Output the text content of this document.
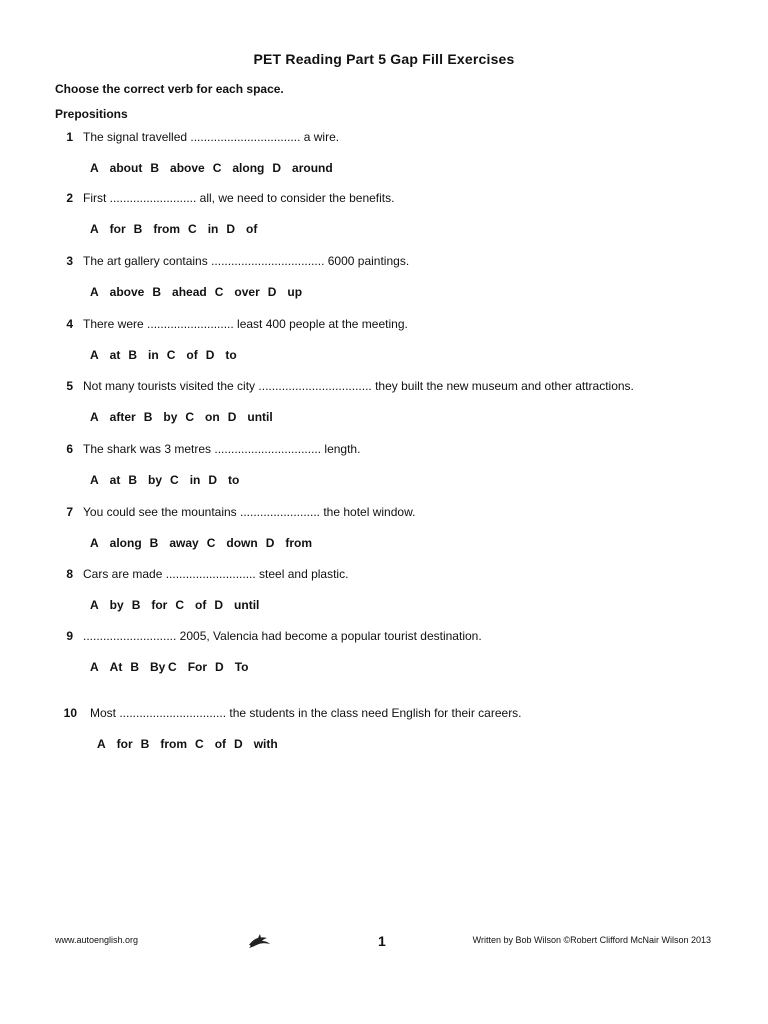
PET Reading Part 5 Gap Fill Exercises
Choose the correct verb for each space.
Prepositions
1 The signal travelled ................................. a wire.
A about B above C along D around
2 First .......................... all, we need to consider the benefits.
A for B from C in D of
3 The art gallery contains .................................. 6000 paintings.
A above B ahead C over D up
4 There were .......................... least 400 people at the meeting.
A at B in C of D to
5 Not many tourists visited the city .................................. they built the new museum and other attractions.
A after B by C on D until
6 The shark was 3 metres ................................ length.
A at B by C in D to
7 You could see the mountains ........................ the hotel window.
A along B away C down D from
8 Cars are made ........................... steel and plastic.
A by B for C of D until
9 ............................ 2005, Valencia had become a popular tourist destination.
A At B By C For D To
10 Most ................................ the students in the class need English for their careers.
A for B from C of D with
www.autoenglish.org	1	Written by Bob Wilson ©Robert Clifford McNair Wilson 2013
